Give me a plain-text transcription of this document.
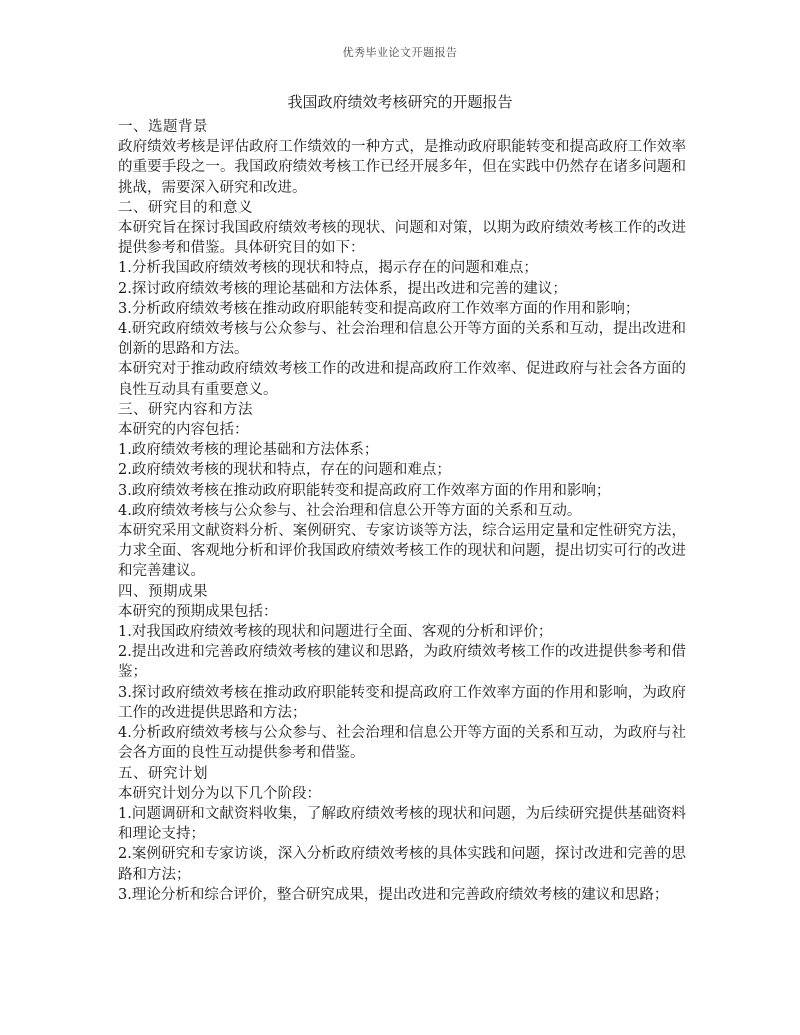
优秀毕业论文开题报告
我国政府绩效考核研究的开题报告

一、选题背景

政府绩效考核是评估政府工作绩效的一种方式，是推动政府职能转变和提高政府工作效率的重要手段之一。我国政府绩效考核工作已经开展多年，但在实践中仍然存在诸多问题和挑战，需要深入研究和改进。

二、研究目的和意义

本研究旨在探讨我国政府绩效考核的现状、问题和对策，以期为政府绩效考核工作的改进提供参考和借鉴。具体研究目的如下：

1.分析我国政府绩效考核的现状和特点，揭示存在的问题和难点；

2.探讨政府绩效考核的理论基础和方法体系，提出改进和完善的建议；

3.分析政府绩效考核在推动政府职能转变和提高政府工作效率方面的作用和影响；

4.研究政府绩效考核与公众参与、社会治理和信息公开等方面的关系和互动，提出改进和创新的思路和方法。

本研究对于推动政府绩效考核工作的改进和提高政府工作效率、促进政府与社会各方面的良性互动具有重要意义。

三、研究内容和方法

本研究的内容包括：

1.政府绩效考核的理论基础和方法体系；

2.政府绩效考核的现状和特点，存在的问题和难点；

3.政府绩效考核在推动政府职能转变和提高政府工作效率方面的作用和影响；

4.政府绩效考核与公众参与、社会治理和信息公开等方面的关系和互动。

本研究采用文献资料分析、案例研究、专家访谈等方法，综合运用定量和定性研究方法，力求全面、客观地分析和评价我国政府绩效考核工作的现状和问题，提出切实可行的改进和完善建议。

四、预期成果

本研究的预期成果包括：

1.对我国政府绩效考核的现状和问题进行全面、客观的分析和评价；

2.提出改进和完善政府绩效考核的建议和思路，为政府绩效考核工作的改进提供参考和借鉴；

3.探讨政府绩效考核在推动政府职能转变和提高政府工作效率方面的作用和影响，为政府工作的改进提供思路和方法；

4.分析政府绩效考核与公众参与、社会治理和信息公开等方面的关系和互动，为政府与社会各方面的良性互动提供参考和借鉴。

五、研究计划

本研究计划分为以下几个阶段：

1.问题调研和文献资料收集，了解政府绩效考核的现状和问题，为后续研究提供基础资料和理论支持；

2.案例研究和专家访谈，深入分析政府绩效考核的具体实践和问题，探讨改进和完善的思路和方法；

3.理论分析和综合评价，整合研究成果，提出改进和完善政府绩效考核的建议和思路；
